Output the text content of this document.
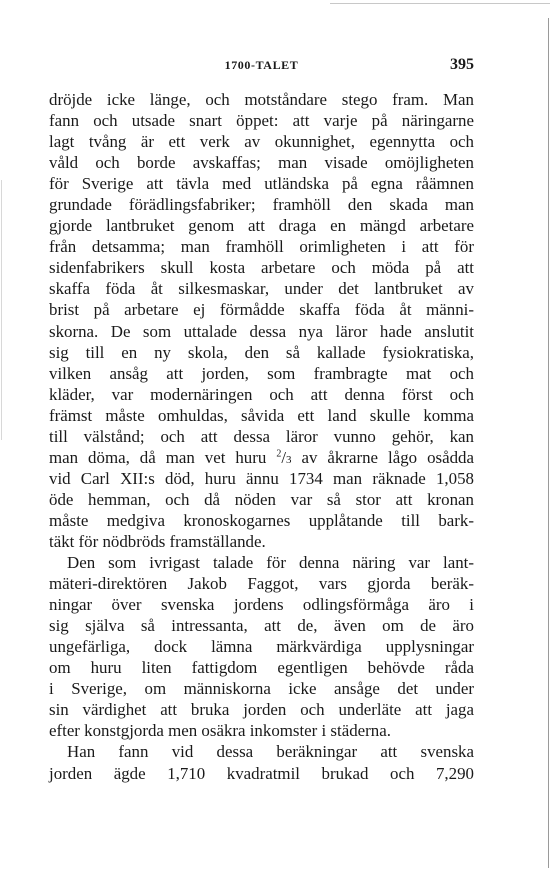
1700-TALET	395
dröjde icke länge, och motståndare stego fram. Man
fann och utsade snart öppet: att varje på näringarne
lagt tvång är ett verk av okunnighet, egennytta och
våld och borde avskaffas; man visade omöjligheten
för Sverige att tävla med utländska på egna råämnen
grundade förädlingsfabriker; framhöll den skada man
gjorde lantbruket genom att draga en mängd arbetare
från detsamma; man framhöll orimligheten i att för
sidenfabrikers skull kosta arbetare och möda på att
skaffa föda åt silkesmaskar, under det lantbruket av
brist på arbetare ej förmådde skaffa föda åt männi-
skorna. De som uttalade dessa nya läror hade anslutit
sig till en ny skola, den så kallade fysiokratiska,
vilken ansåg att jorden, som frambragte mat och
kläder, var modernäringen och att denna först och
främst måste omhuldas, såvida ett land skulle komma
till välstånd; och att dessa läror vunno gehör, kan
man döma, då man vet huru $^2$/3 av åkrarne lågo osådda
vid Carl XII:s död, huru ännu 1734 man räknade 1,058
öde hemman, och då nöden var så stor att kronan
måste medgiva kronoskogarnes upplåtande till bark-
täkt för nödbröds framställande.
Den som ivrigast talade för denna näring var lant-
mäteri-direktören Jakob Faggot, vars gjorda beräk-
ningar över svenska jordens odlingsförmåga äro i
sig själva så intressanta, att de, även om de äro
ungefärliga, dock lämna märkvärdiga upplysningar
om huru liten fattigdom egentligen behövde råda
i Sverige, om människorna icke ansåge det under
sin värdighet att bruka jorden och underläte att jaga
efter konstgjorda men osäkra inkomster i städerna.
Han fann vid dessa beräkningar att svenska
jorden ägde 1,710 kvadratmil brukad och 7,290
